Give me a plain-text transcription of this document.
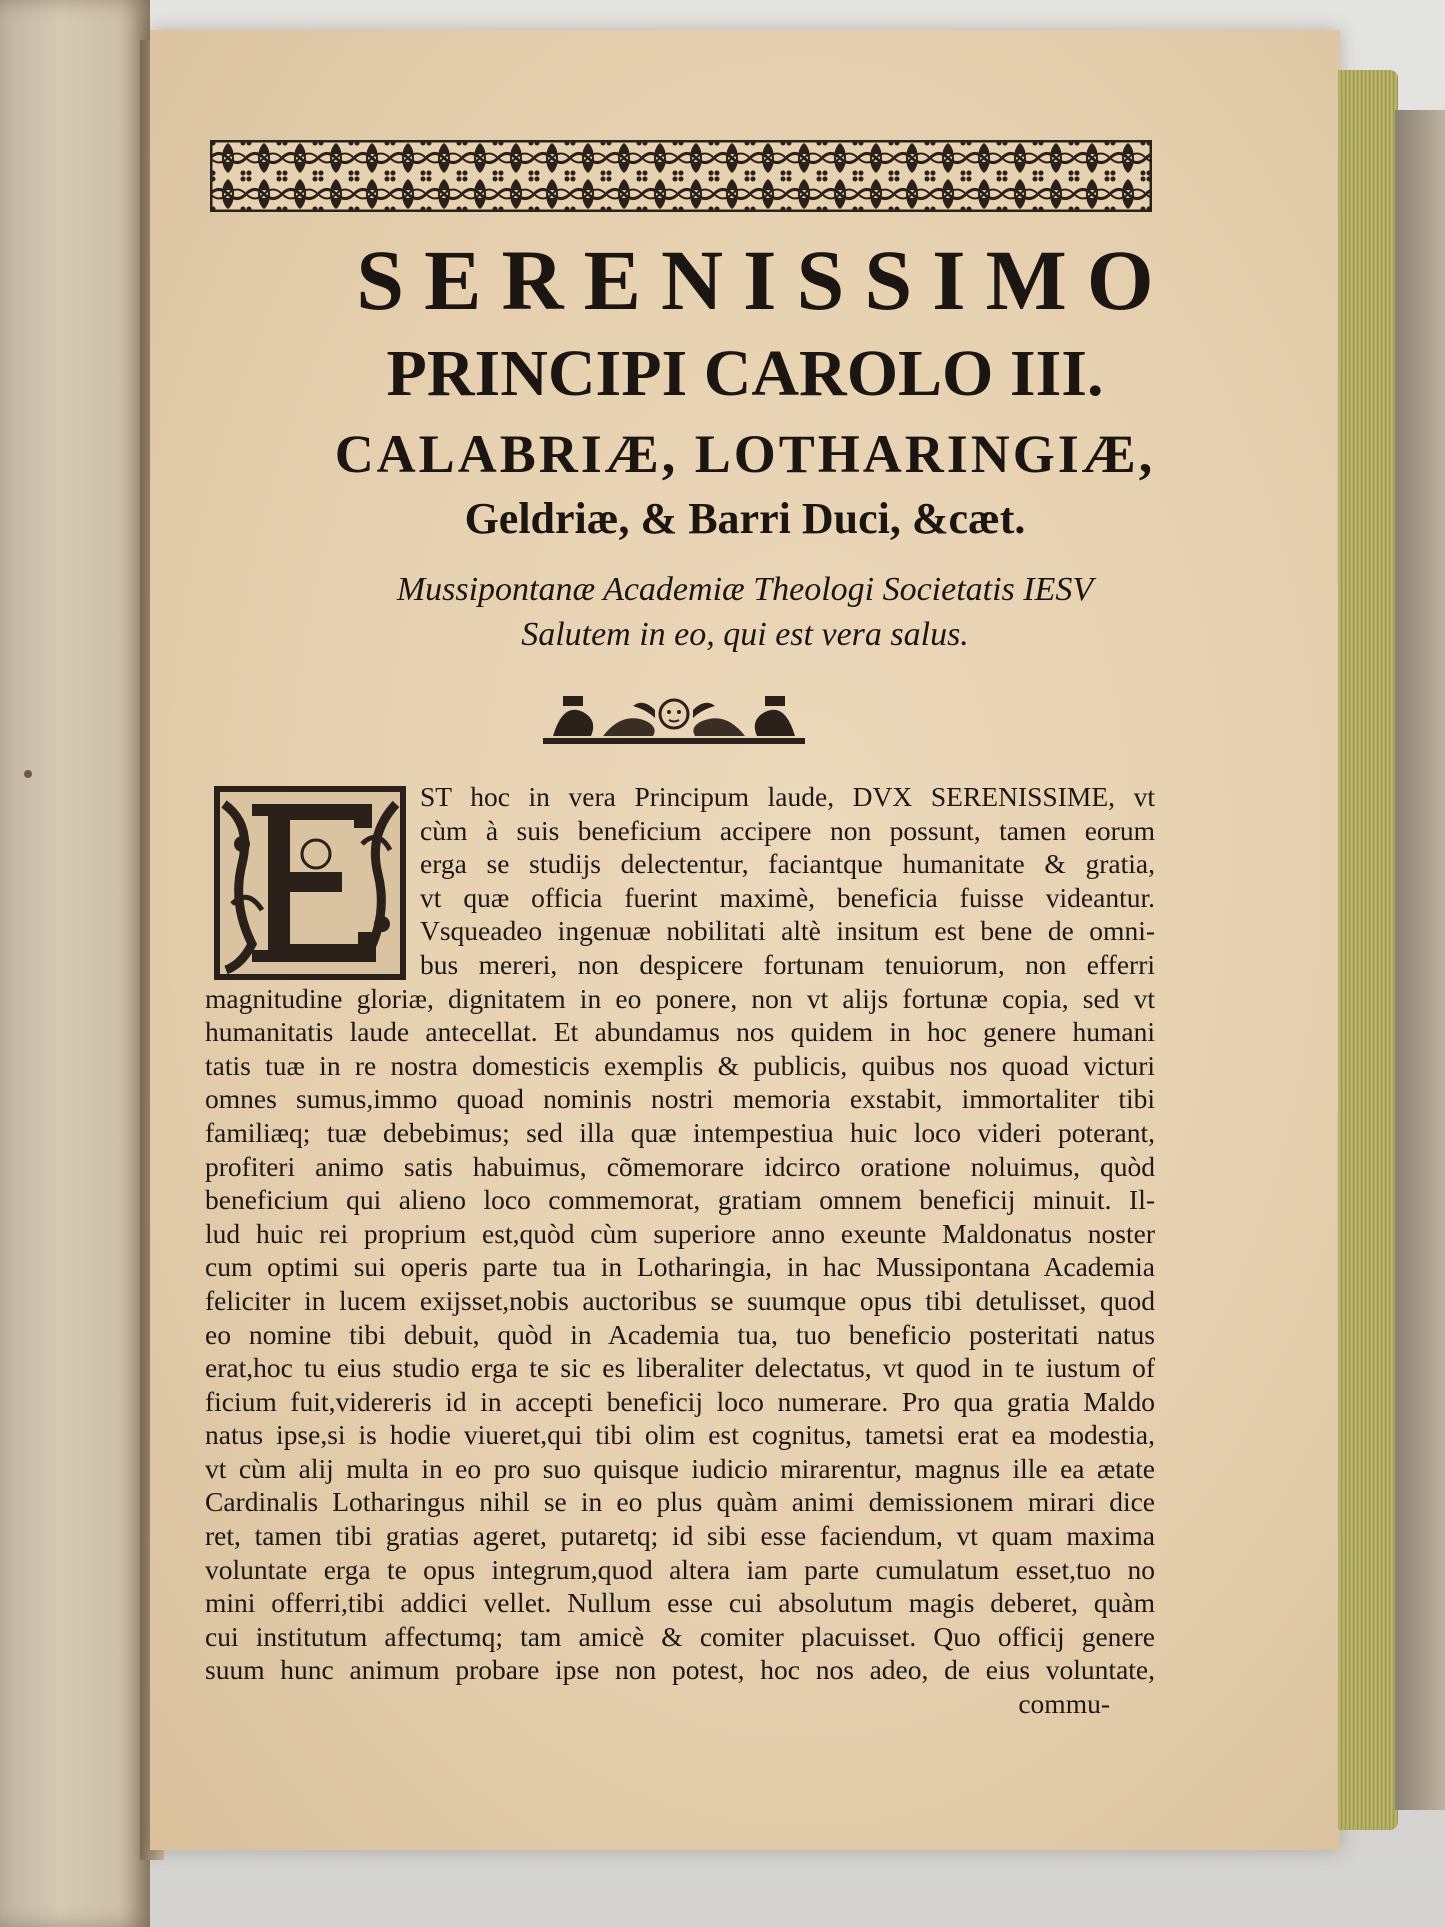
SERENISSIMO
PRINCIPI CAROLO III.
CALABRIÆ, LOTHARINGIÆ,
Geldriæ, & Barri Duci, &cæt.

Mussipontanæ Academiæ Theologi Societatis IESV

Salutem in eo, qui est vera salus.

ST hoc in vera Principum laude, DVX SERENISSIME, vt
cùm à suis beneficium accipere non possunt, tamen eorum
erga se studijs delectentur, faciantque humanitate & gratia,
vt quæ officia fuerint maximè, beneficia fuisse videantur.
Vsqueadeo ingenuæ nobilitati altè insitum est bene de omni-
bus mereri, non despicere fortunam tenuiorum, non efferri
magnitudine gloriæ, dignitatem in eo ponere, non vt alijs fortunæ copia, sed vt
humanitatis laude antecellat. Et abundamus nos quidem in hoc genere humani
tatis tuæ in re nostra domesticis exemplis & publicis, quibus nos quoad victuri
omnes sumus,immo quoad nominis nostri memoria exstabit, immortaliter tibi
familiæq; tuæ debebimus; sed illa quæ intempestiua huic loco videri poterant,
profiteri animo satis habuimus, cõmemorare idcirco oratione noluimus, quòd
beneficium qui alieno loco commemorat, gratiam omnem beneficij minuit. Il-
lud huic rei proprium est,quòd cùm superiore anno exeunte Maldonatus noster
cum optimi sui operis parte tua in Lotharingia, in hac Mussipontana Academia
feliciter in lucem exijsset,nobis auctoribus se suumque opus tibi detulisset, quod
eo nomine tibi debuit, quòd in Academia tua, tuo beneficio posteritati natus
erat,hoc tu eius studio erga te sic es liberaliter delectatus, vt quod in te iustum of
ficium fuit,videreris id in accepti beneficij loco numerare. Pro qua gratia Maldo
natus ipse,si is hodie viueret,qui tibi olim est cognitus, tametsi erat ea modestia,
vt cùm alij multa in eo pro suo quisque iudicio mirarentur, magnus ille ea ætate
Cardinalis Lotharingus nihil se in eo plus quàm animi demissionem mirari dice
ret, tamen tibi gratias ageret, putaretq; id sibi esse faciendum, vt quam maxima
voluntate erga te opus integrum,quod altera iam parte cumulatum esset,tuo no
mini offerri,tibi addici vellet. Nullum esse cui absolutum magis deberet, quàm
cui institutum affectumq; tam amicè & comiter placuisset. Quo officij genere
suum hunc animum probare ipse non potest, hoc nos adeo, de eius voluntate,
commu-
